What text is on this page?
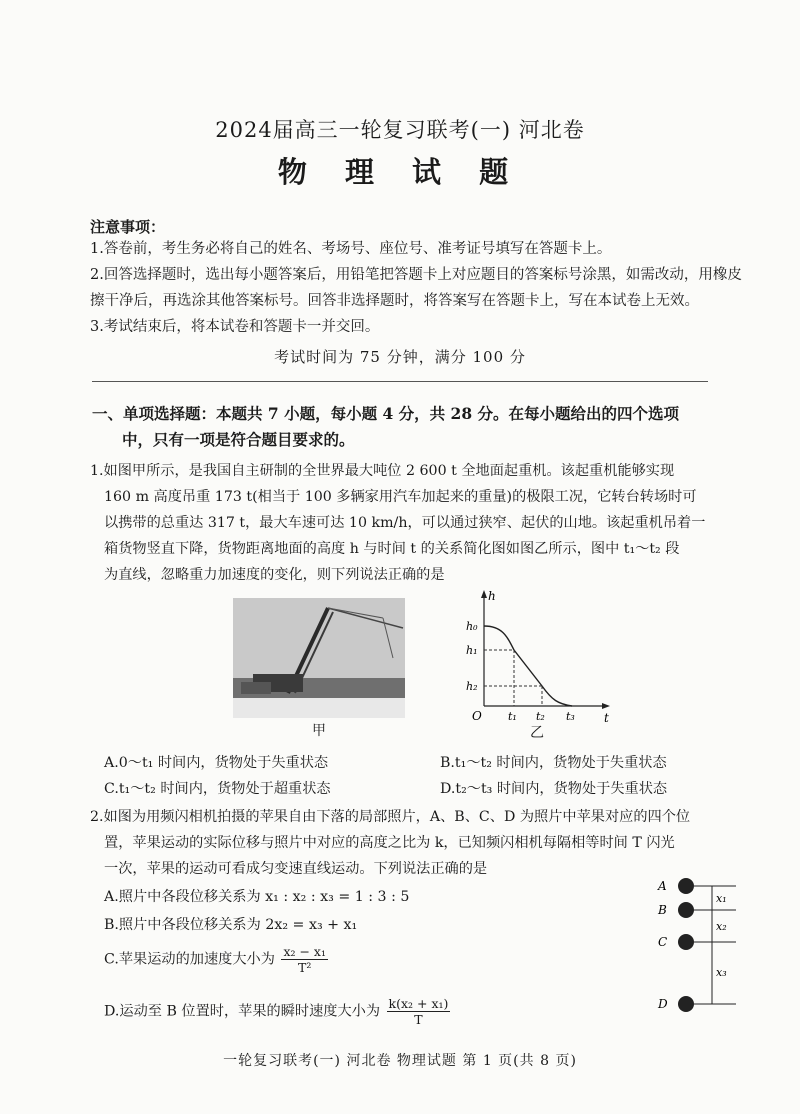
2024届高三一轮复习联考(一) 河北卷
物 理 试 题
注意事项：
1.答卷前，考生务必将自己的姓名、考场号、座位号、准考证号填写在答题卡上。
2.回答选择题时，选出每小题答案后，用铅笔把答题卡上对应题目的答案标号涂黑，如需改动，用橡皮
擦干净后，再选涂其他答案标号。回答非选择题时，将答案写在答题卡上，写在本试卷上无效。
3.考试结束后，将本试卷和答题卡一并交回。
考试时间为 75 分钟，满分 100 分
一、单项选择题：本题共 7 小题，每小题 4 分，共 28 分。在每小题给出的四个选项
中，只有一项是符合题目要求的。
1.如图甲所示，是我国自主研制的全世界最大吨位 2 600 t 全地面起重机。该起重机能够实现
160 m 高度吊重 173 t(相当于 100 多辆家用汽车加起来的重量)的极限工况，它转台转场时可
以携带的总重达 317 t，最大车速可达 10 km/h，可以通过狭窄、起伏的山地。该起重机吊着一
箱货物竖直下降，货物距离地面的高度 h 与时间 t 的关系简化图如图乙所示，图中 t₁～t₂ 段
为直线，忽略重力加速度的变化，则下列说法正确的是
甲
h
t
O
h₀
h₁
h₂
t₁ t₂ t₃
乙
A.0～t₁ 时间内，货物处于失重状态	B.t₁～t₂ 时间内，货物处于失重状态
C.t₁～t₂ 时间内，货物处于超重状态	D.t₂～t₃ 时间内，货物处于失重状态
2.如图为用频闪相机拍摄的苹果自由下落的局部照片，A、B、C、D 为照片中苹果对应的四个位
置，苹果运动的实际位移与照片中对应的高度之比为 k，已知频闪相机每隔相等时间 T 闪光
一次，苹果的运动可看成匀变速直线运动。下列说法正确的是
A.照片中各段位移关系为 x₁ : x₂ : x₃ = 1 : 3 : 5
B.照片中各段位移关系为 2x₂ = x₃ + x₁
C.苹果运动的加速度大小为 $\frac{\text{x₂ − x₁}}{\text{T²}}$
D.运动至 B 位置时，苹果的瞬时速度大小为 $\frac{\text{k(x₂ + x₁)}}{T}$
A
B
C
D
x₁
x₂
x₃
一轮复习联考(一) 河北卷 物理试题 第 1 页(共 8 页)
